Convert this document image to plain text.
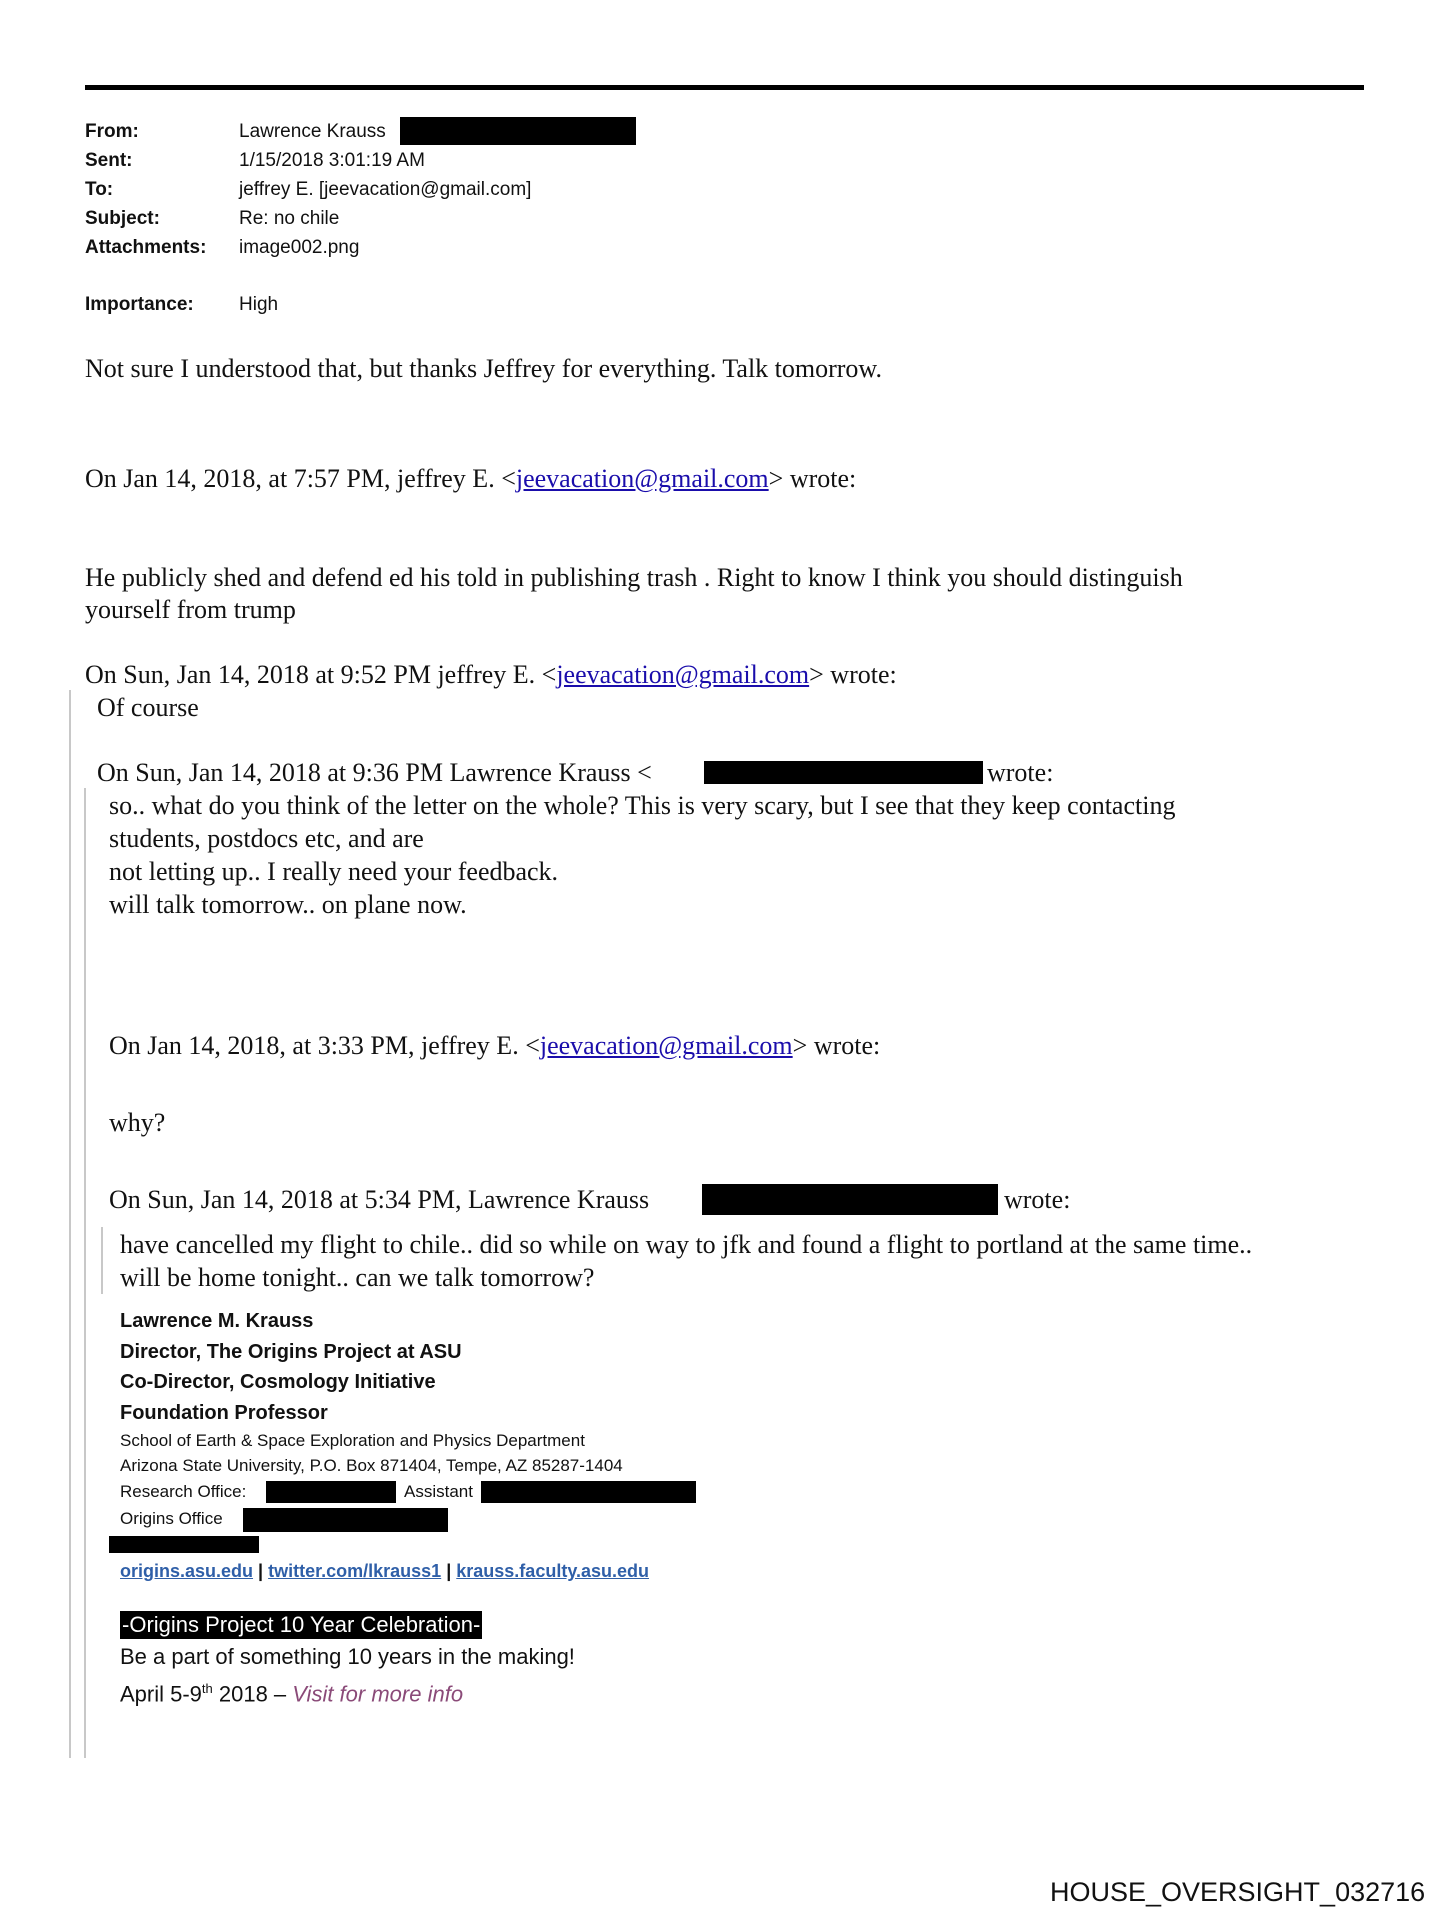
From:	Lawrence Krauss
Sent:	1/15/2018 3:01:19 AM
To:	jeffrey E. [jeevacation@gmail.com]
Subject:	Re: no chile
Attachments: image002.png
Importance: High
Not sure I understood that, but thanks Jeffrey for everything. Talk tomorrow.
On Jan 14, 2018, at 7:57 PM, jeffrey E. <jeevacation@gmail.com> wrote:
He publicly shed and defend ed his told in publishing trash . Right to know I think you should distinguish
yourself from trump
On Sun, Jan 14, 2018 at 9:52 PM jeffrey E. <jeevacation@gmail.com> wrote:
Of course
On Sun, Jan 14, 2018 at 9:36 PM Lawrence Krauss <	wrote:
so.. what do you think of the letter on the whole? This is very scary, but I see that they keep contacting
students, postdocs etc, and are
not letting up.. I really need your feedback.
will talk tomorrow.. on plane now.
On Jan 14, 2018, at 3:33 PM, jeffrey E. <jeevacation@gmail.com> wrote:
why?
On Sun, Jan 14, 2018 at 5:34 PM, Lawrence Krauss	wrote:
have cancelled my flight to chile.. did so while on way to jfk and found a flight to portland at the same time..
will be home tonight.. can we talk tomorrow?
Lawrence M. Krauss
Director, The Origins Project at ASU
Co-Director, Cosmology Initiative
Foundation Professor
School of Earth & Space Exploration and Physics Department
Arizona State University, P.O. Box 871404, Tempe, AZ 85287-1404
Research Office:	Assistant
Origins Office
origins.asu.edu | twitter.com/lkrauss1 | krauss.faculty.asu.edu
-Origins Project 10 Year Celebration-
Be a part of something 10 years in the making!
April 5-9th 2018 – Visit for more info
HOUSE_OVERSIGHT_032716
